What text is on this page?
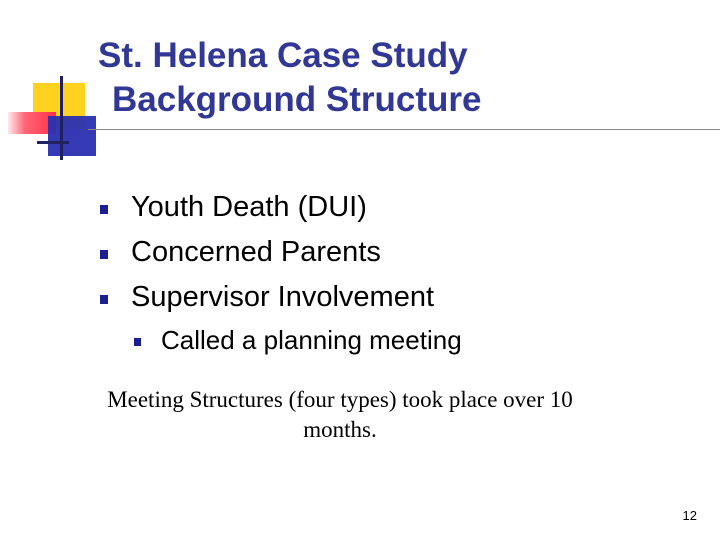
St. Helena Case Study
Background Structure
Youth Death (DUI)
Concerned Parents
Supervisor Involvement
Called a planning meeting
Meeting Structures (four types) took place over 10 months.
12
